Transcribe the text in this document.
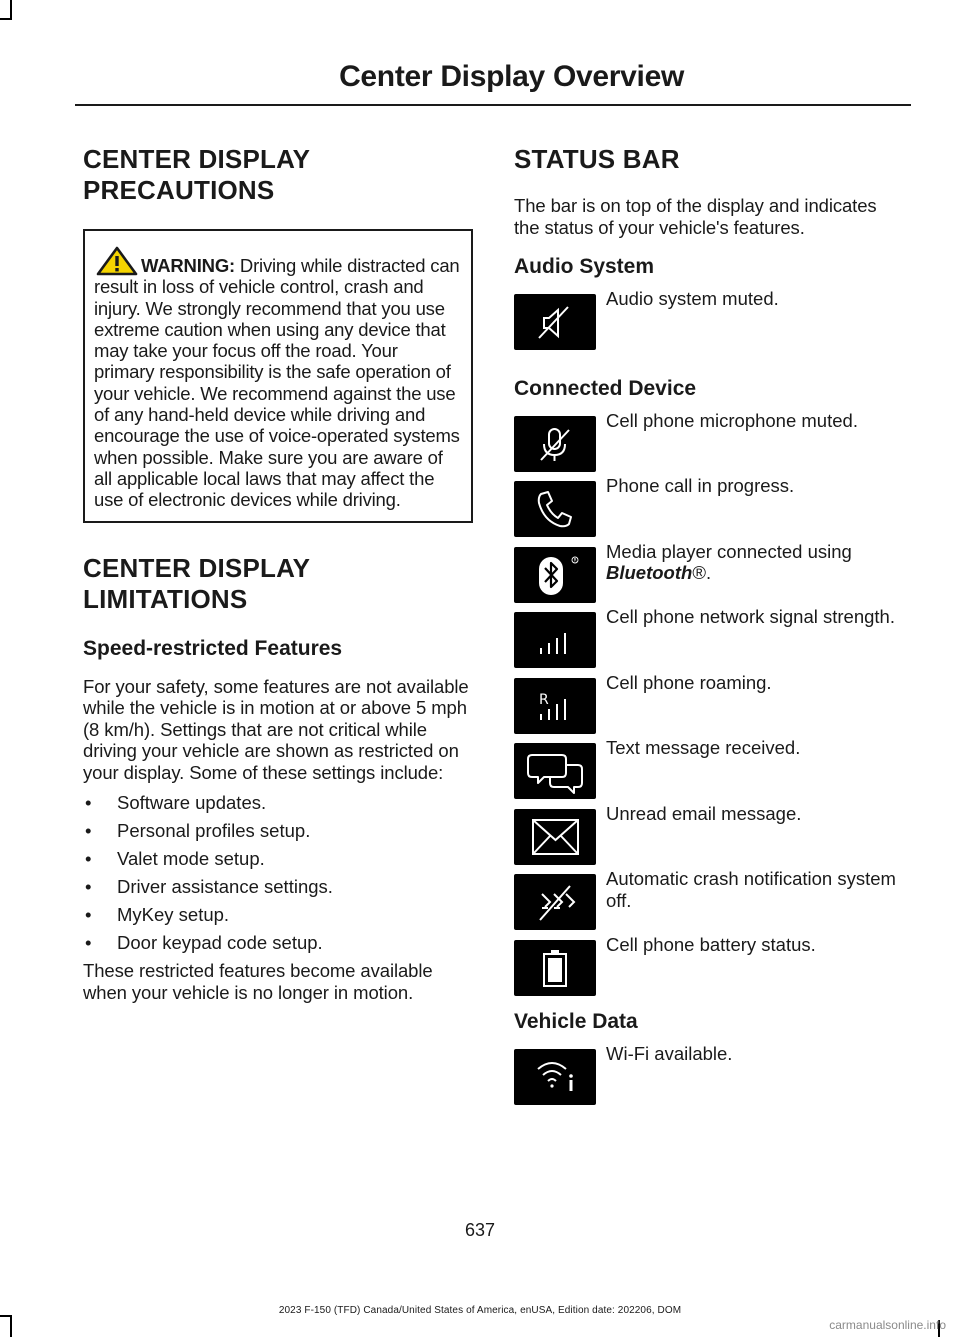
Center Display Overview
CENTER DISPLAY
PRECAUTIONS

WARNING: Driving while distracted can result in loss of vehicle control, crash and injury. We strongly recommend that you use extreme caution when using any device that may take your focus off the road. Your primary responsibility is the safe operation of your vehicle. We recommend against the use of any hand-held device while driving and encourage the use of voice-operated systems when possible. Make sure you are aware of all applicable local laws that may affect the use of electronic devices while driving.

CENTER DISPLAY
LIMITATIONS
Speed-restricted Features

For your safety, some features are not available while the vehicle is in motion at or above 5 mph (8 km/h). Settings that are not critical while driving your vehicle are shown as restricted on your display. Some of these settings include:

• Software updates.
• Personal profiles setup.
• Valet mode setup.
• Driver assistance settings.
• MyKey setup.
• Door keypad code setup.

These restricted features become available when your vehicle is no longer in motion.

STATUS BAR

The bar is on top of the display and indicates the status of your vehicle's features.

Audio System
Audio system muted.
Connected Device
Cell phone microphone muted.
Phone call in progress.
R Media player connected using Bluetooth®.
Cell phone network signal strength.
R
Cell phone roaming.
Text message received.
Unread email message.
Automatic crash notification system off.
Cell phone battery status.
Vehicle Data
Wi-Fi available.
637
2023 F-150 (TFD) Canada/United States of America, enUSA, Edition date: 202206, DOM
carmanualsonline.info
